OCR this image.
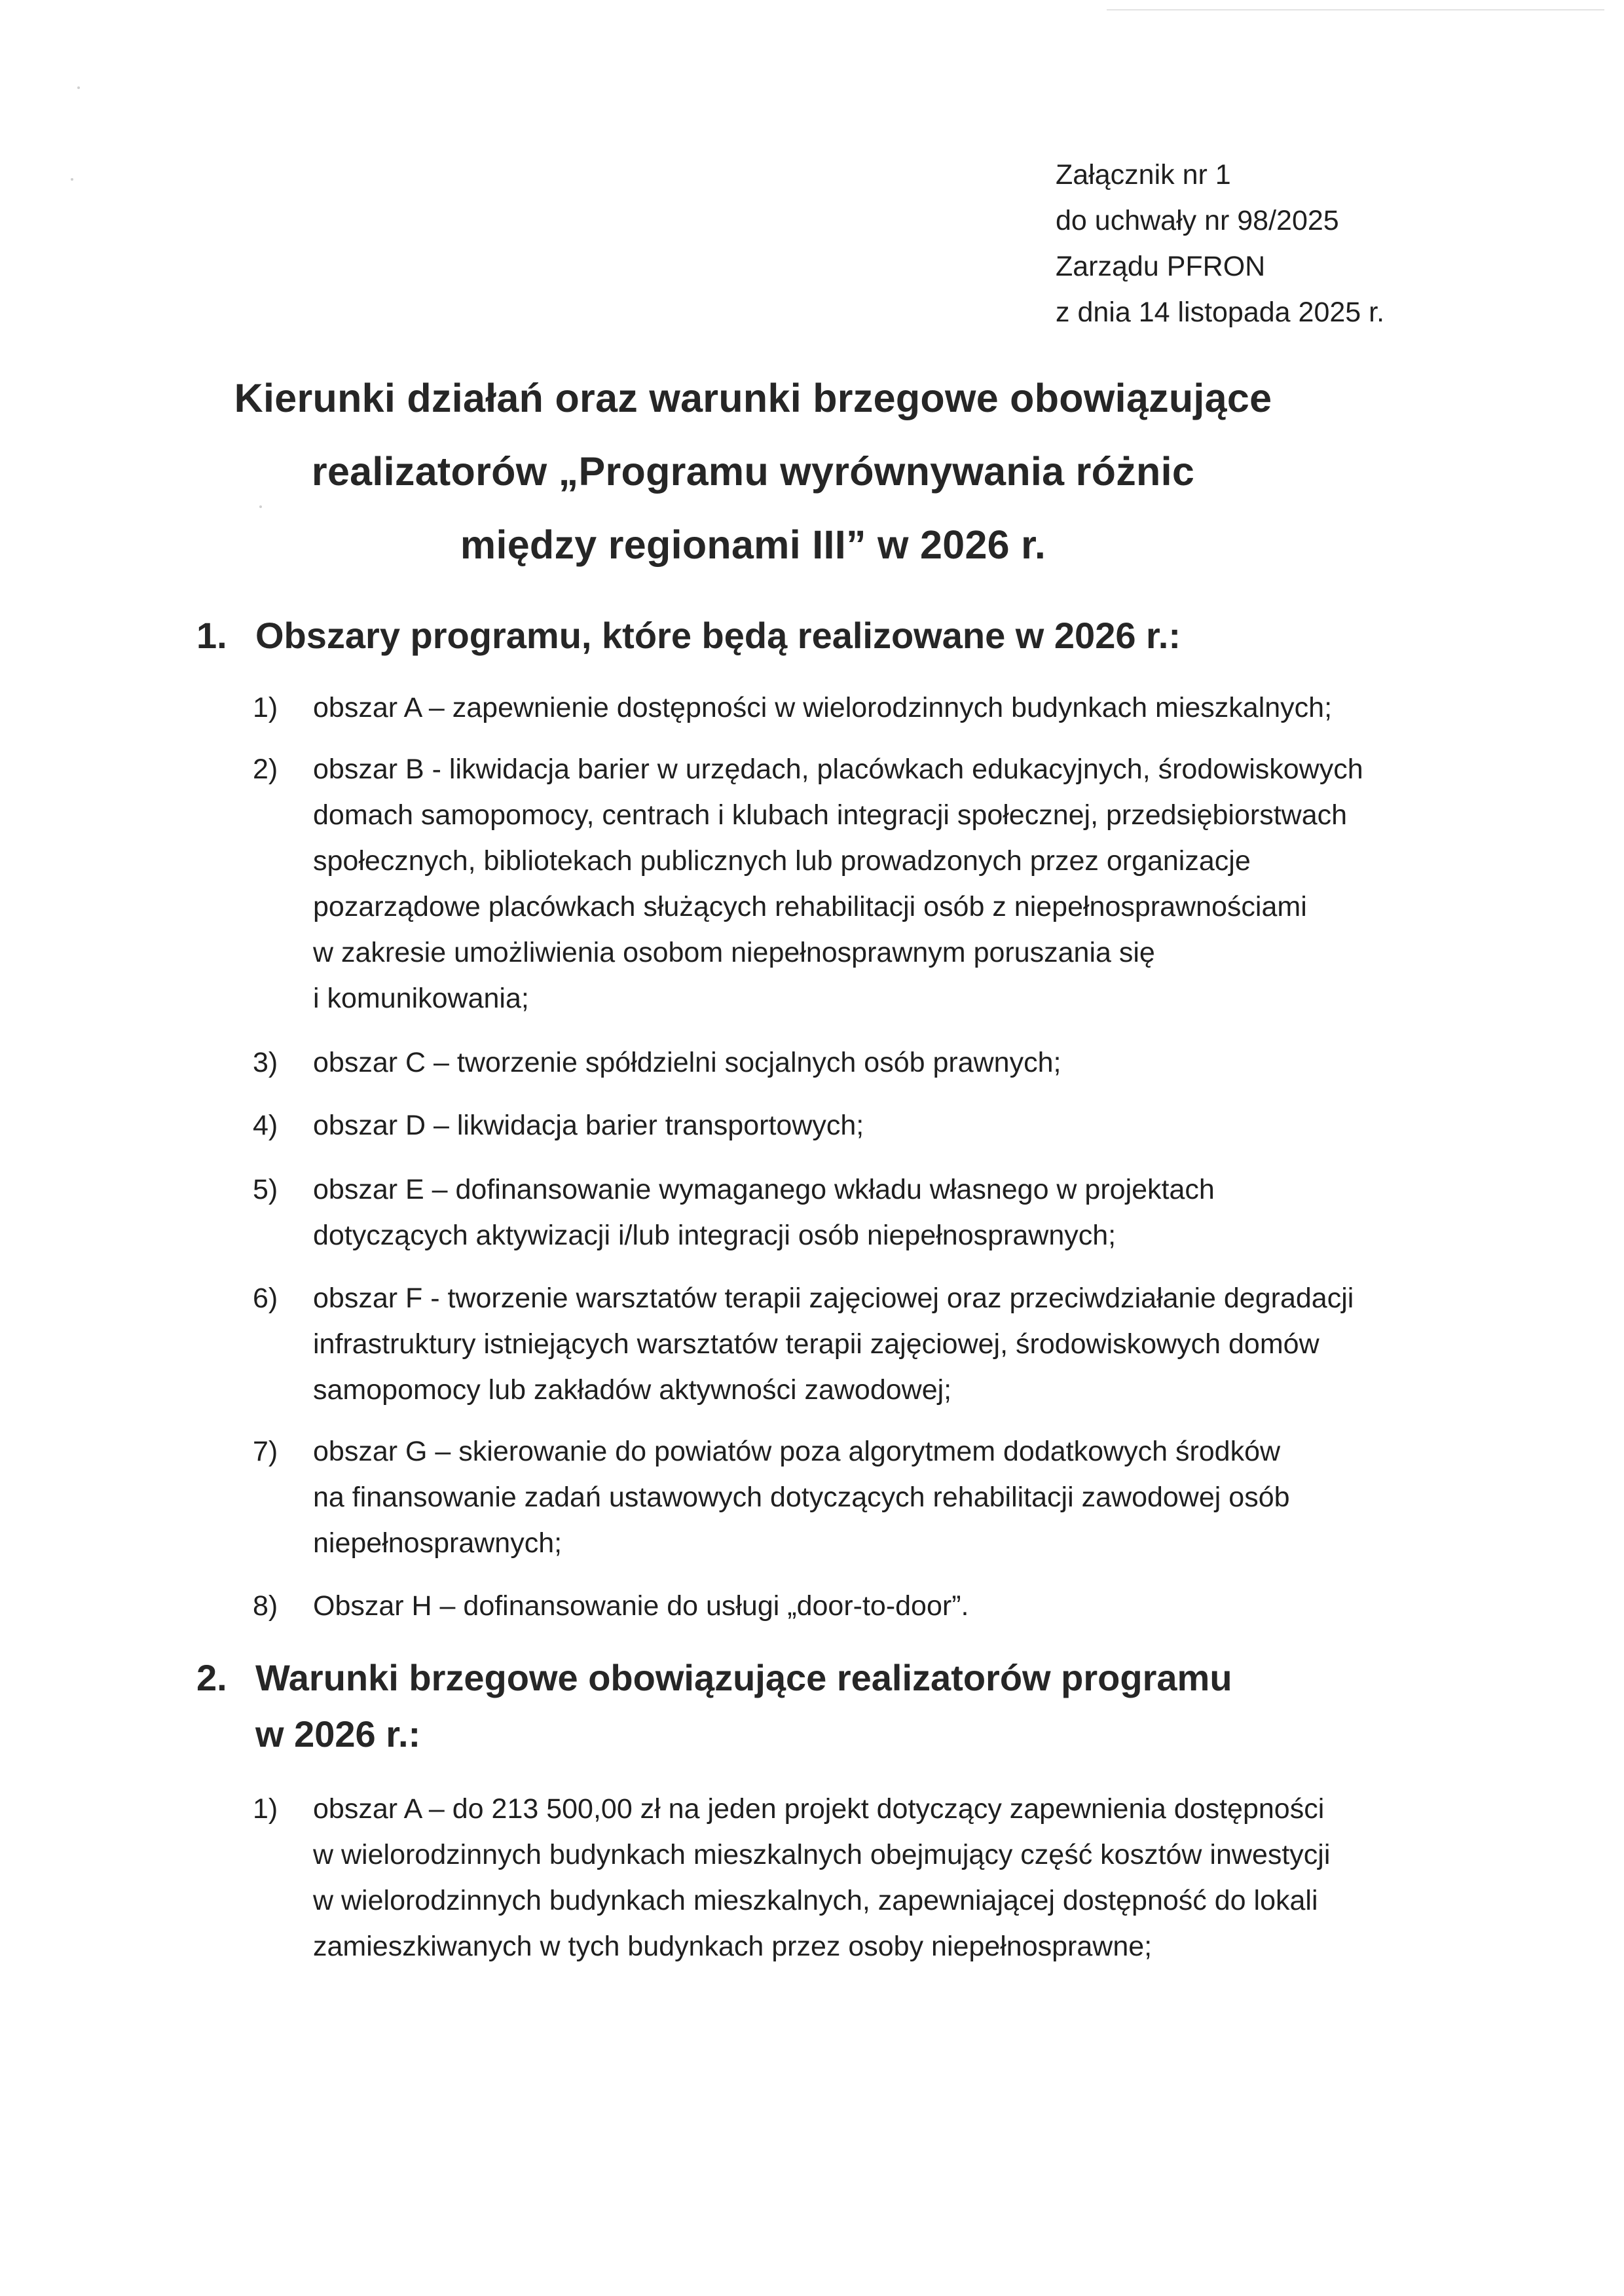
Załącznik nr 1
do uchwały nr 98/2025
Zarządu PFRON
z dnia 14 listopada 2025 r.
Kierunki działań oraz warunki brzegowe obowiązujące
realizatorów „Programu wyrównywania różnic
między regionami III” w 2026 r.
1. Obszary programu, które będą realizowane w 2026 r.:
1)	obszar A – zapewnienie dostępności w wielorodzinnych budynkach mieszkalnych;
2)	obszar B - likwidacja barier w urzędach, placówkach edukacyjnych, środowiskowych
domach samopomocy, centrach i klubach integracji społecznej, przedsiębiorstwach
społecznych, bibliotekach publicznych lub prowadzonych przez organizacje
pozarządowe placówkach służących rehabilitacji osób z niepełnosprawnościami
w zakresie umożliwienia osobom niepełnosprawnym poruszania się
i komunikowania;
3)	obszar C – tworzenie spółdzielni socjalnych osób prawnych;
4)	obszar D – likwidacja barier transportowych;
5)	obszar E – dofinansowanie wymaganego wkładu własnego w projektach
dotyczących aktywizacji i/lub integracji osób niepełnosprawnych;
6)	obszar F - tworzenie warsztatów terapii zajęciowej oraz przeciwdziałanie degradacji
infrastruktury istniejących warsztatów terapii zajęciowej, środowiskowych domów
samopomocy lub zakładów aktywności zawodowej;
7)	obszar G – skierowanie do powiatów poza algorytmem dodatkowych środków
na finansowanie zadań ustawowych dotyczących rehabilitacji zawodowej osób
niepełnosprawnych;
8)	Obszar H – dofinansowanie do usługi „door-to-door”.
2. Warunki brzegowe obowiązujące realizatorów programu
w 2026 r.:
1)	obszar A – do 213 500,00 zł na jeden projekt dotyczący zapewnienia dostępności
w wielorodzinnych budynkach mieszkalnych obejmujący część kosztów inwestycji
w wielorodzinnych budynkach mieszkalnych, zapewniającej dostępność do lokali
zamieszkiwanych w tych budynkach przez osoby niepełnosprawne;
